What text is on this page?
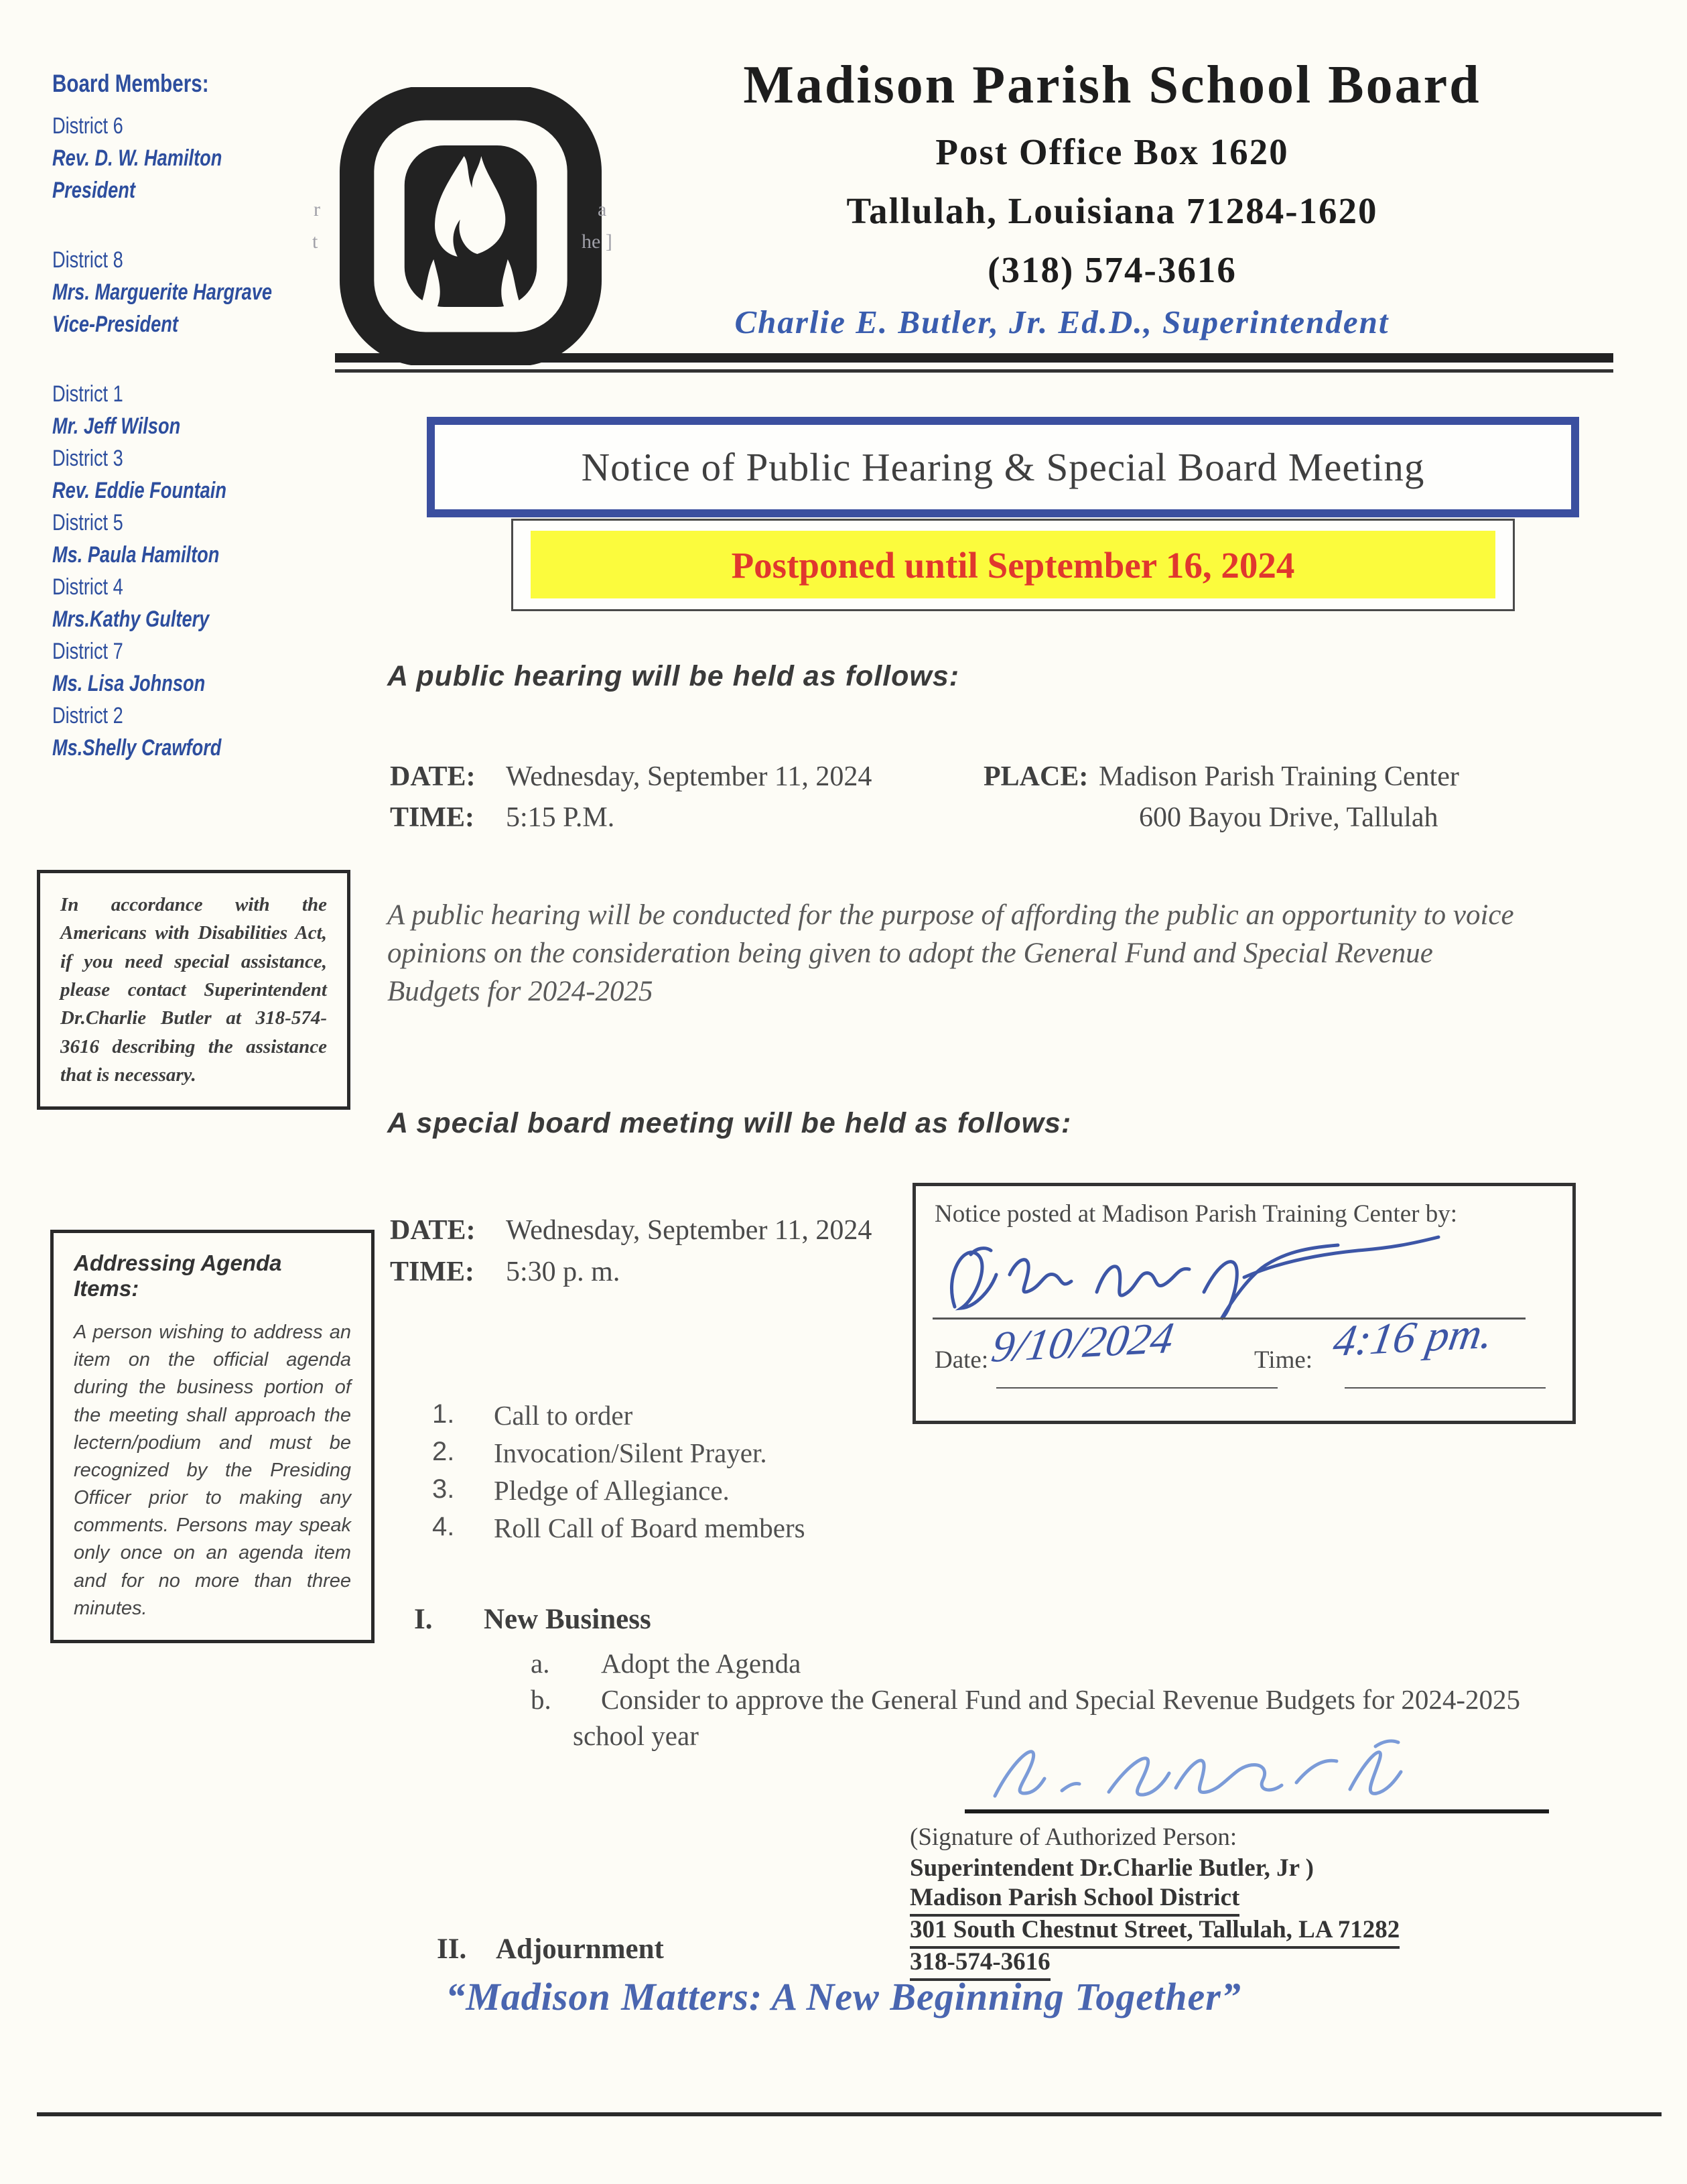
Board Members:
District 6
Rev. D. W. Hamilton
President
District 8
Mrs. Marguerite Hargrave
Vice-President
District 1
Mr. Jeff Wilson
District 3
Rev. Eddie Fountain
District 5
Ms. Paula Hamilton
District 4
Mrs.Kathy Gultery
District 7
Ms. Lisa Johnson
District 2
Ms.Shelly Crawford
r
t
a
he ]
Madison Parish School Board
Post Office Box 1620
Tallulah, Louisiana 71284-1620
(318) 574-3616
Charlie E. Butler, Jr. Ed.D., Superintendent
Notice of Public Hearing & Special Board Meeting
Postponed until September 16, 2024
A public hearing will be held as follows:
DATE: Wednesday, September 11, 2024	PLACE: Madison Parish Training Center
TIME: 5:15 P.M.	600 Bayou Drive, Tallulah
In accordance with the Americans with Disabilities Act, if you need special assistance, please contact Superintendent Dr.Charlie Butler at 318-574-3616 describing the assistance that is necessary.

A public hearing will be conducted for the purpose of affording the public an opportunity to voice opinions on the consideration being given to adopt the General Fund and Special Revenue Budgets for 2024-2025

A special board meeting will be held as follows:
DATE: Wednesday, September 11, 2024
TIME: 5:30 p. m.
Notice posted at Madison Parish Training Center by:
Date: 9/10/2024	Time: 4:16 pm.
Addressing Agenda Items:
A person wishing to address an item on the official agenda during the business portion of the meeting shall approach the lectern/podium and must be recognized by the Presiding Officer prior to making any comments. Persons may speak only once on an agenda item and for no more than three minutes.
1.	Call to order
2.	Invocation/Silent Prayer.
3.	Pledge of Allegiance.
4.	Roll Call of Board members
I. New Business
a. Adopt the Agenda
b. Consider to approve the General Fund and Special Revenue Budgets for 2024-2025
school year
(Signature of Authorized Person:
Superintendent Dr.Charlie Butler, Jr )
Madison Parish School District
301 South Chestnut Street, Tallulah, LA 71282
318-574-3616
II. Adjournment
“Madison Matters: A New Beginning Together”
